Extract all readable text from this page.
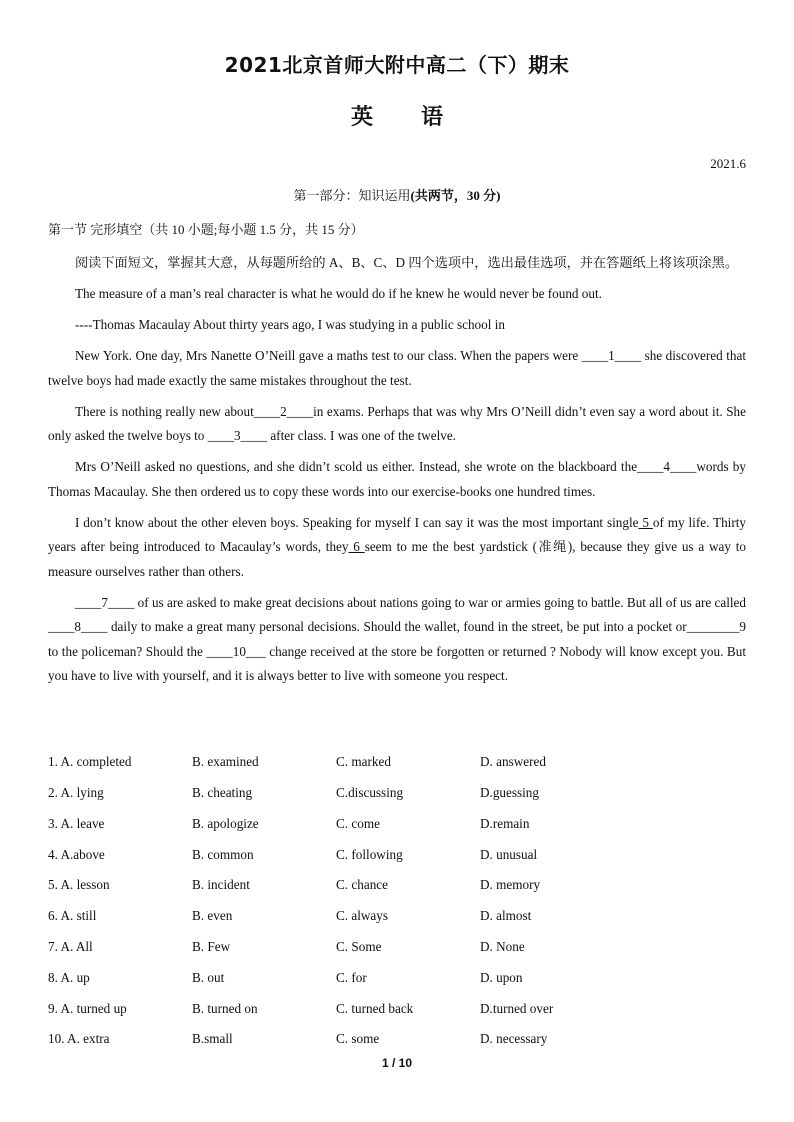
2021北京首师大附中高二（下）期末
英 语
2021.6
第一部分：知识运用(共两节，30 分)
第一节 完形填空（共 10 小题;每小题 1.5 分，共 15 分）

阅读下面短文，掌握其大意，从每题所给的 A、B、C、D 四个选项中，选出最佳选项，并在答题纸上将该项涂黑。

The measure of a man’s real character is what he would do if he knew he would never be found out.

----Thomas Macaulay About thirty years ago, I was studying in a public school in

New York. One day, Mrs Nanette O’Neill gave a maths test to our class. When the papers were ____1____ she discovered that twelve boys had made exactly the same mistakes throughout the test.

There is nothing really new about____2____in exams. Perhaps that was why Mrs O’Neill didn’t even say a word about it. She only asked the twelve boys to ____3____ after class. I was one of the twelve.

Mrs O’Neill asked no questions, and she didn’t scold us either. Instead, she wrote on the blackboard the____4____words by Thomas Macaulay. She then ordered us to copy these words into our exercise-books one hundred times.

I don’t know about the other eleven boys. Speaking for myself I can say it was the most important single 5 of my life. Thirty years after being introduced to Macaulay’s words, they 6 seem to me the best yardstick (准绳), because they give us a way to measure ourselves rather than others.

____7____ of us are asked to make great decisions about nations going to war or armies going to battle. But all of us are called ____8____ daily to make a great many personal decisions. Should the wallet, found in the street, be put into a pocket or________9 to the policeman? Should the ____10___ change received at the store be forgotten or returned ? Nobody will know except you. But you have to live with yourself, and it is always better to live with someone you respect.

1. A. completed	B. examined	C. marked	D. answered
2. A. lying	B. cheating	C.discussing	D.guessing
3. A. leave	B. apologize	C. come	D.remain
4. A.above	B. common	C. following	D. unusual
5. A. lesson	B. incident	C. chance	D. memory
6. A. still	B. even	C. always	D. almost
7. A. All	B. Few	C. Some	D. None
8. A. up	B. out	C. for	D. upon
9. A. turned up	B. turned on	C. turned back	D.turned over
10. A. extra	B.small	C. some	D. necessary
1 / 10
